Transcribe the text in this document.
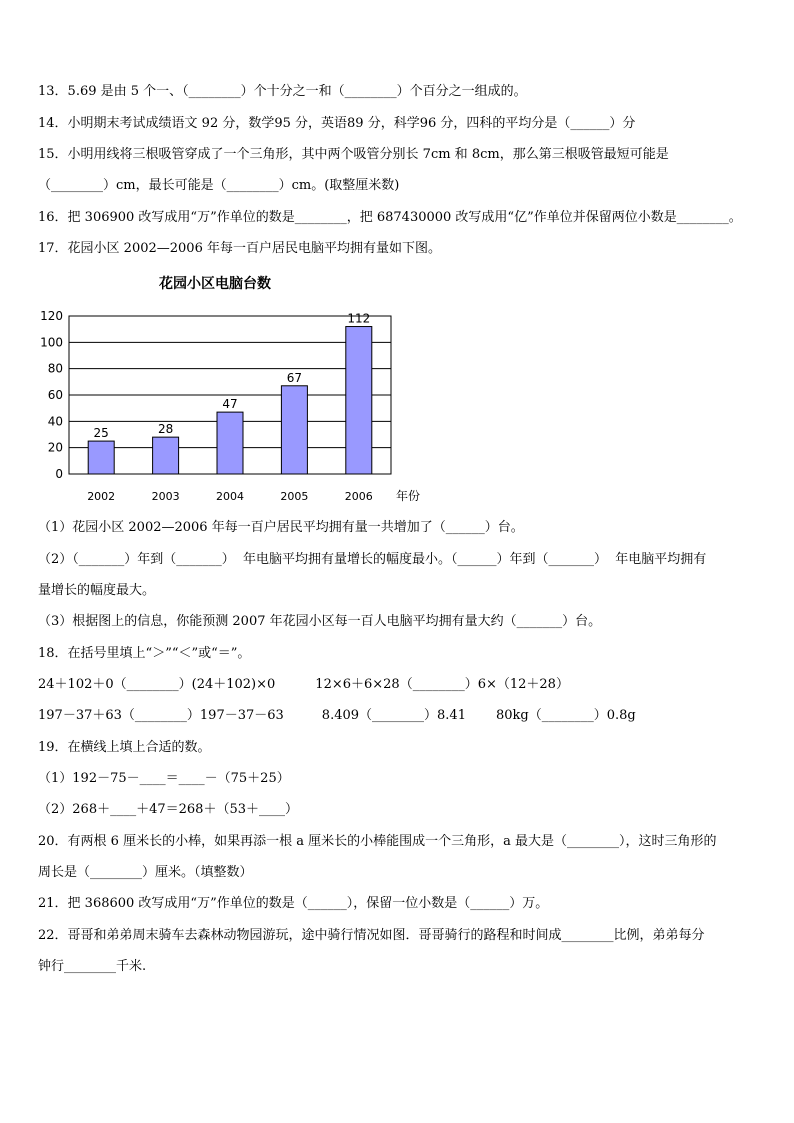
13．5.69 是由 5 个一、（________）个十分之一和（________）个百分之一组成的。
14．小明期末考试成绩语文 92 分，数学95 分，英语89 分，科学96 分，四科的平均分是（______）分
15．小明用线将三根吸管穿成了一个三角形，其中两个吸管分别长 7cm 和 8cm，那么第三根吸管最短可能是
（________）cm，最长可能是（________）cm。(取整厘米数)
16．把 306900 改写成用“万”作单位的数是________，把 687430000 改写成用“亿”作单位并保留两位小数是________。
17．花园小区 2002—2006 年每一百户居民电脑平均拥有量如下图。
花园小区电脑台数
0
20
40
60
80
100
120
25	28
47
67
112
2002	2003	2004	2005	2006 年份
（1）花园小区 2002—2006 年每一百户居民平均拥有量一共增加了（______）台。
（2）（_______）年到（_______）  年电脑平均拥有量增长的幅度最小。（______）年到（_______）  年电脑平均拥有
量增长的幅度最大。
（3）根据图上的信息，你能预测 2007 年花园小区每一百人电脑平均拥有量大约（_______）台。
18．在括号里填上“＞”“＜”或“＝”。
24＋102＋0（________）(24＋102)×0	12×6＋6×28（________）6×（12＋28）
197－37＋63（________）197－37－63	8.409（________）8.41 80kg（________）0.8g
19．在横线上填上合适的数。
（1）192－75－____＝____－（75＋25）
（2）268＋____＋47＝268＋（53＋____）
20．有两根 6 厘米长的小棒，如果再添一根 a 厘米长的小棒能围成一个三角形，a 最大是（________），这时三角形的
周长是（________）厘米。（填整数）
21．把 368600 改写成用“万”作单位的数是（______），保留一位小数是（______）万。
22．哥哥和弟弟周末骑车去森林动物园游玩，途中骑行情况如图．哥哥骑行的路程和时间成________比例，弟弟每分
钟行________千米.
